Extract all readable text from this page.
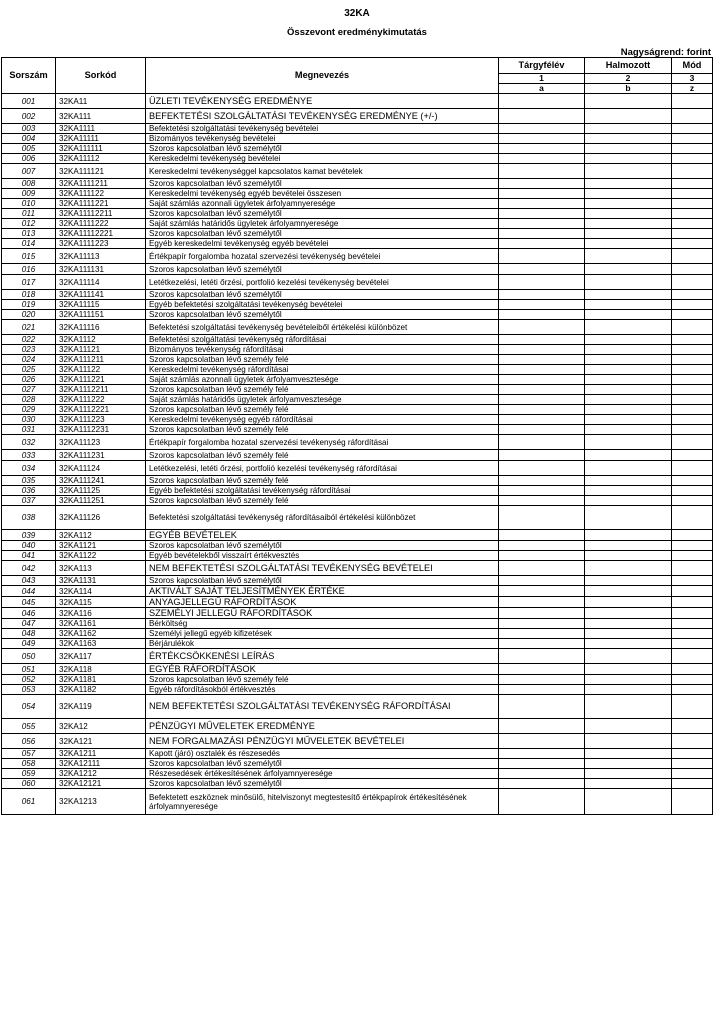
32KA
Összevont eredménykimutatás
Nagyságrend: forint
Sorszám	Sorkód	Megnevezés	Tárgyfélév	Halmozott	Mód
			1	2	3
			a	b	z
001	32KA11	ÜZLETI TEVÉKENYSÉG EREDMÉNYE			
002	32KA111	BEFEKTETÉSI SZOLGÁLTATÁSI TEVÉKENYSÉG EREDMÉNYE (+/-)			
003	32KA1111	Befektetési szolgáltatási tevékenység bevételei			
004	32KA11111	Bizományos tevékenység bevételei			
005	32KA111111	Szoros kapcsolatban lévő személytől			
006	32KA11112	Kereskedelmi tevékenység bevételei			
007	32KA111121	Kereskedelmi tevékenységgel kapcsolatos kamat bevételek			
008	32KA1111211	Szoros kapcsolatban lévő személytől			
009	32KA111122	Kereskedelmi tevékenység egyéb bevételei összesen			
010	32KA1111221	Saját számlás azonnali ügyletek árfolyamnyeresége			
011	32KA11112211	Szoros kapcsolatban lévő személytől			
012	32KA1111222	Saját számlás határidős ügyletek árfolyamnyeresége			
013	32KA11112221	Szoros kapcsolatban lévő személytől			
014	32KA1111223	Egyéb kereskedelmi tevékenység egyéb bevételei			
015	32KA11113	Értékpapír forgalomba hozatal szervezési tevékenység bevételei			
016	32KA111131	Szoros kapcsolatban lévő személytől			
017	32KA11114	Letétkezelési, letéti őrzési, portfolió kezelési tevékenység bevételei			
018	32KA111141	Szoros kapcsolatban lévő személytől			
019	32KA11115	Egyéb befektetési szolgáltatási tevékenység bevételei			
020	32KA111151	Szoros kapcsolatban lévő személytől			
021	32KA11116	Befektetési szolgáltatási tevékenység bevételeiből értékelési különbözet			
022	32KA1112	Befektetési szolgáltatási tevékenység ráfordításai			
023	32KA11121	Bizományos tevékenység ráfordításai			
024	32KA111211	Szoros kapcsolatban lévő személy felé			
025	32KA11122	Kereskedelmi tevékenység ráfordításai			
026	32KA111221	Saját számlás azonnali ügyletek árfolyamvesztesége			
027	32KA1112211	Szoros kapcsolatban lévő személy felé			
028	32KA111222	Saját számlás határidős ügyletek árfolyamvesztesége			
029	32KA1112221	Szoros kapcsolatban lévő személy felé			
030	32KA111223	Kereskedelmi tevékenység egyéb ráfordításai			
031	32KA1112231	Szoros kapcsolatban lévő személy felé			
032	32KA11123	Értékpapír forgalomba hozatal szervezési tevékenység ráfordításai			
033	32KA111231	Szoros kapcsolatban lévő személy felé			
034	32KA11124	Letétkezelési, letéti őrzési, portfolió kezelési tevékenység ráfordításai			
035	32KA111241	Szoros kapcsolatban lévő személy felé			
036	32KA11125	Egyéb befektetési szolgáltatási tevékenység ráfordításai			
037	32KA111251	Szoros kapcsolatban lévő személy felé			
038	32KA11126	Befektetési szolgáltatási tevékenység ráfordításaiból értékelési különbözet			
039	32KA112	EGYÉB BEVÉTELEK			
040	32KA1121	Szoros kapcsolatban lévő személytől			
041	32KA1122	Egyéb bevételekből visszaírt értékvesztés			
042	32KA113	NEM BEFEKTETÉSI SZOLGÁLTATÁSI TEVÉKENYSÉG BEVÉTELEI			
043	32KA1131	Szoros kapcsolatban lévő személytől			
044	32KA114	AKTIVÁLT SAJÁT TELJESÍTMÉNYEK ÉRTÉKE			
045	32KA115	ANYAGJELLEGŰ RÁFORDÍTÁSOK			
046	32KA116	SZEMÉLYI JELLEGŰ RÁFORDÍTÁSOK			
047	32KA1161	Bérköltség			
048	32KA1162	Személyi jellegű egyéb kifizetések			
049	32KA1163	Bérjárulékok			
050	32KA117	ÉRTÉKCSÖKKENÉSI LEÍRÁS			
051	32KA118	EGYÉB RÁFORDÍTÁSOK			
052	32KA1181	Szoros kapcsolatban lévő személy felé			
053	32KA1182	Egyéb ráfordításokból értékvesztés			
054	32KA119	NEM BEFEKTETÉSI SZOLGÁLTATÁSI TEVÉKENYSÉG RÁFORDÍTÁSAI			
055	32KA12	PÉNZÜGYI MŰVELETEK EREDMÉNYE			
056	32KA121	NEM FORGALMAZÁSI PÉNZÜGYI MŰVELETEK BEVÉTELEI			
057	32KA1211	Kapott (járó) osztalék és részesedés			
058	32KA12111	Szoros kapcsolatban lévő személytől			
059	32KA1212	Részesedések értékesítésének árfolyamnyeresége			
060	32KA12121	Szoros kapcsolatban lévő személytől			
061	32KA1213	Befektetett eszköznek minősülő, hitelviszonyt megtestesítő értékpapírok értékesítésének árfolyamnyeresége			
